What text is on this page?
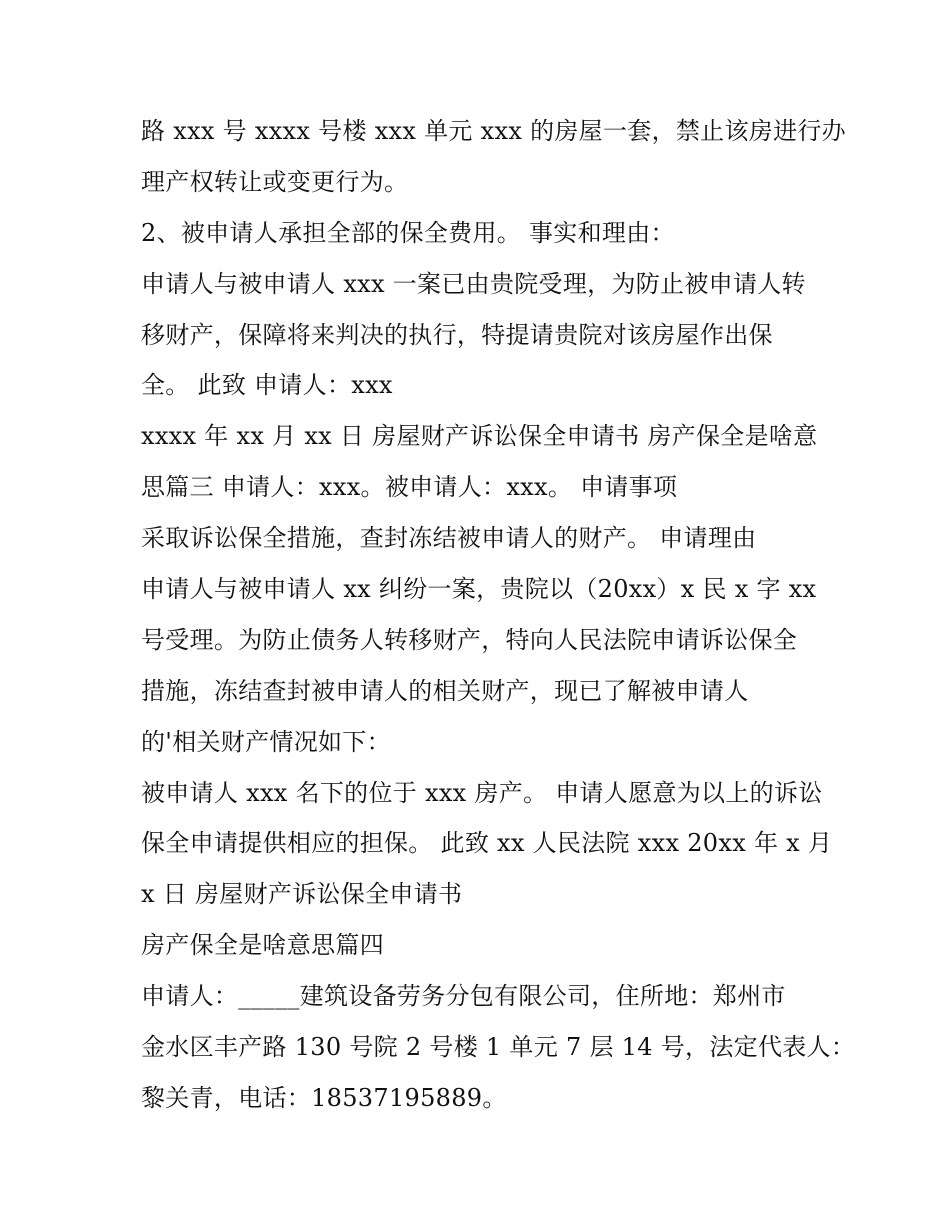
路 xxx 号 xxxx 号楼 xxx 单元 xxx 的房屋一套，禁止该房进行办
理产权转让或变更行为。
2、被申请人承担全部的保全费用。 事实和理由：
申请人与被申请人 xxx 一案已由贵院受理，为防止被申请人转
移财产，保障将来判决的执行，特提请贵院对该房屋作出保
全。 此致 申请人：xxx
xxxx 年 xx 月 xx 日 房屋财产诉讼保全申请书 房产保全是啥意
思篇三 申请人：xxx。被申请人：xxx。 申请事项
采取诉讼保全措施，查封冻结被申请人的财产。 申请理由
申请人与被申请人 xx 纠纷一案，贵院以（20xx）x 民 x 字 xx
号受理。为防止债务人转移财产，特向人民法院申请诉讼保全
措施，冻结查封被申请人的相关财产，现已了解被申请人
的'相关财产情况如下：
被申请人 xxx 名下的位于 xxx 房产。 申请人愿意为以上的诉讼
保全申请提供相应的担保。 此致 xx 人民法院 xxx 20xx 年 x 月
x 日 房屋财产诉讼保全申请书
房产保全是啥意思篇四
申请人：_____建筑设备劳务分包有限公司，住所地：郑州市
金水区丰产路 130 号院 2 号楼 1 单元 7 层 14 号，法定代表人：
黎关青，电话：18537195889。
